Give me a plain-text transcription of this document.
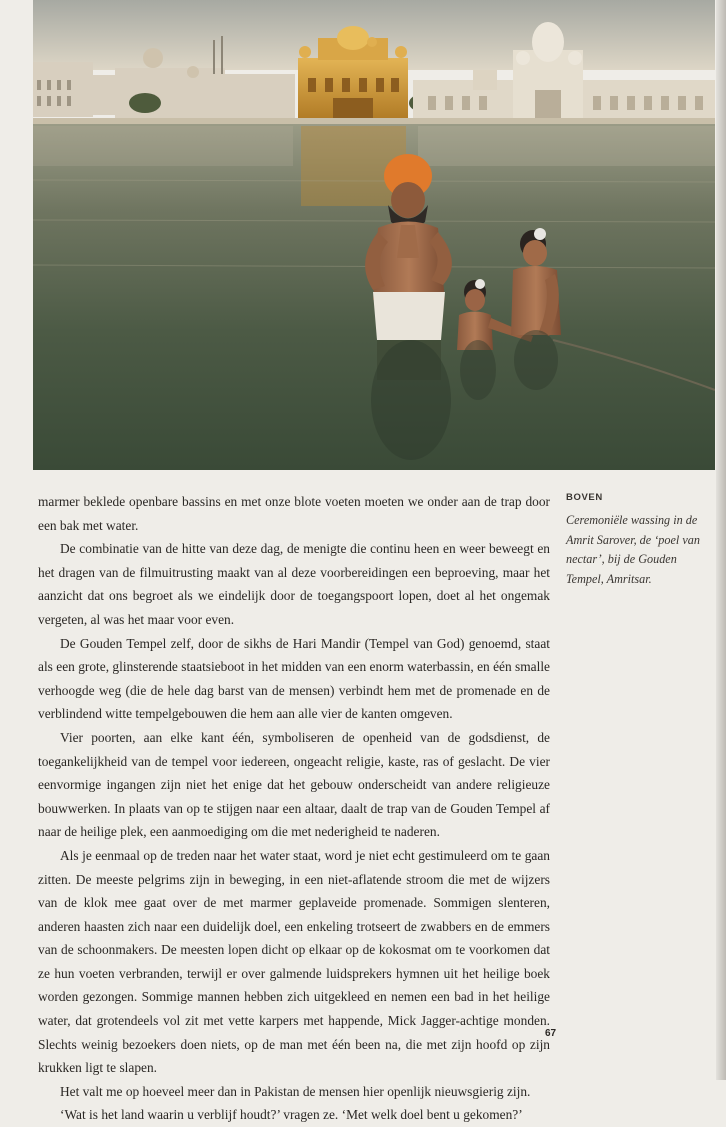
marmer beklede openbare bassins en met onze blote voeten moeten we onder aan de trap door een bak met water.

De combinatie van de hitte van deze dag, de menigte die continu heen en weer beweegt en het dragen van de filmuitrusting maakt van al deze voorbereidingen een beproeving, maar het aanzicht dat ons begroet als we eindelijk door de toegangspoort lopen, doet al het ongemak vergeten, al was het maar voor even.

De Gouden Tempel zelf, door de sikhs de Hari Mandir (Tempel van God) genoemd, staat als een grote, glinsterende staatsieboot in het midden van een enorm waterbassin, en één smalle verhoogde weg (die de hele dag barst van de mensen) verbindt hem met de promenade en de verblindend witte tempelgebouwen die hem aan alle vier de kanten omgeven.

Vier poorten, aan elke kant één, symboliseren de openheid van de godsdienst, de toegankelijkheid van de tempel voor iedereen, ongeacht religie, kaste, ras of geslacht. De vier eenvormige ingangen zijn niet het enige dat het gebouw onderscheidt van andere religieuze bouwwerken. In plaats van op te stijgen naar een altaar, daalt de trap van de Gouden Tempel af naar de heilige plek, een aanmoediging om die met nederigheid te naderen.

Als je eenmaal op de treden naar het water staat, word je niet echt gestimuleerd om te gaan zitten. De meeste pelgrims zijn in beweging, in een niet-aflatende stroom die met de wijzers van de klok mee gaat over de met marmer geplaveide promenade. Sommigen slenteren, anderen haasten zich naar een duidelijk doel, een enkeling trotseert de zwabbers en de emmers van de schoonmakers. De meesten lopen dicht op elkaar op de kokosmat om te voorkomen dat ze hun voeten verbranden, terwijl er over galmende luidsprekers hymnen uit het heilige boek worden gezongen. Sommige mannen hebben zich uitgekleed en nemen een bad in het heilige water, dat grotendeels vol zit met vette karpers met happende, Mick Jagger-achtige monden. Slechts weinig bezoekers doen niets, op de man met één been na, die met zijn hoofd op zijn krukken ligt te slapen.

Het valt me op hoeveel meer dan in Pakistan de mensen hier openlijk nieuwsgierig zijn.

‘Wat is het land waarin u verblijf houdt?’ vragen ze. ‘Met welk doel bent u gekomen?’

BOVEN
Ceremoniële wassing in de Amrit Sarover, de ‘poel van nectar’, bij de Gouden Tempel, Amritsar.
67
